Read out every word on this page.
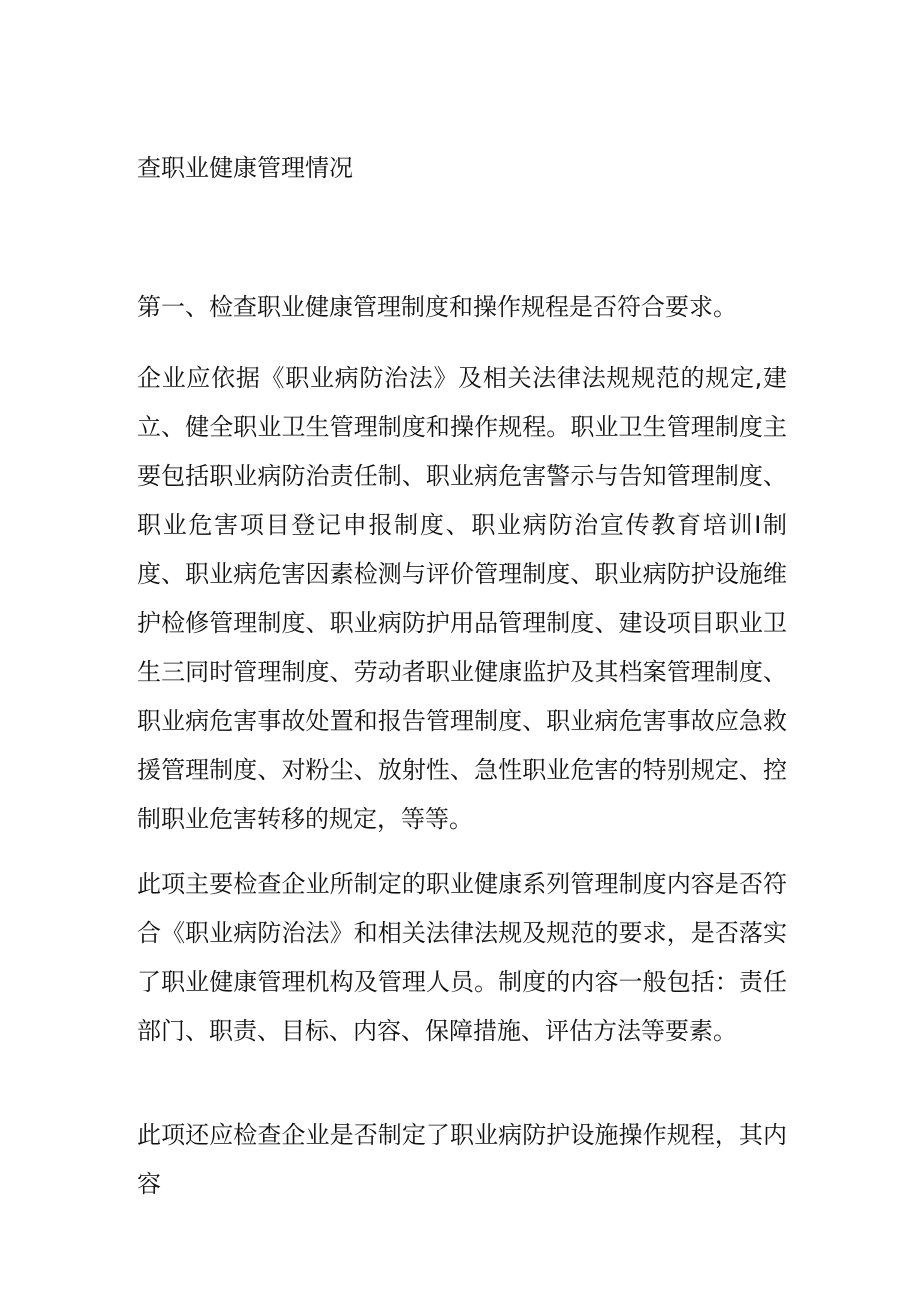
查职业健康管理情况

第一、检查职业健康管理制度和操作规程是否符合要求。

企业应依据《职业病防治法》及相关法律法规规范的规定,建立、健全职业卫生管理制度和操作规程。职业卫生管理制度主要包括职业病防治责任制、职业病危害警示与告知管理制度、职业危害项目登记申报制度、职业病防治宣传教育培训I制度、职业病危害因素检测与评价管理制度、职业病防护设施维护检修管理制度、职业病防护用品管理制度、建设项目职业卫生三同时管理制度、劳动者职业健康监护及其档案管理制度、职业病危害事故处置和报告管理制度、职业病危害事故应急救援管理制度、对粉尘、放射性、急性职业危害的特别规定、控制职业危害转移的规定，等等。

此项主要检查企业所制定的职业健康系列管理制度内容是否符合《职业病防治法》和相关法律法规及规范的要求，是否落实了职业健康管理机构及管理人员。制度的内容一般包括：责任部门、职责、目标、内容、保障措施、评估方法等要素。

此项还应检查企业是否制定了职业病防护设施操作规程，其内容
